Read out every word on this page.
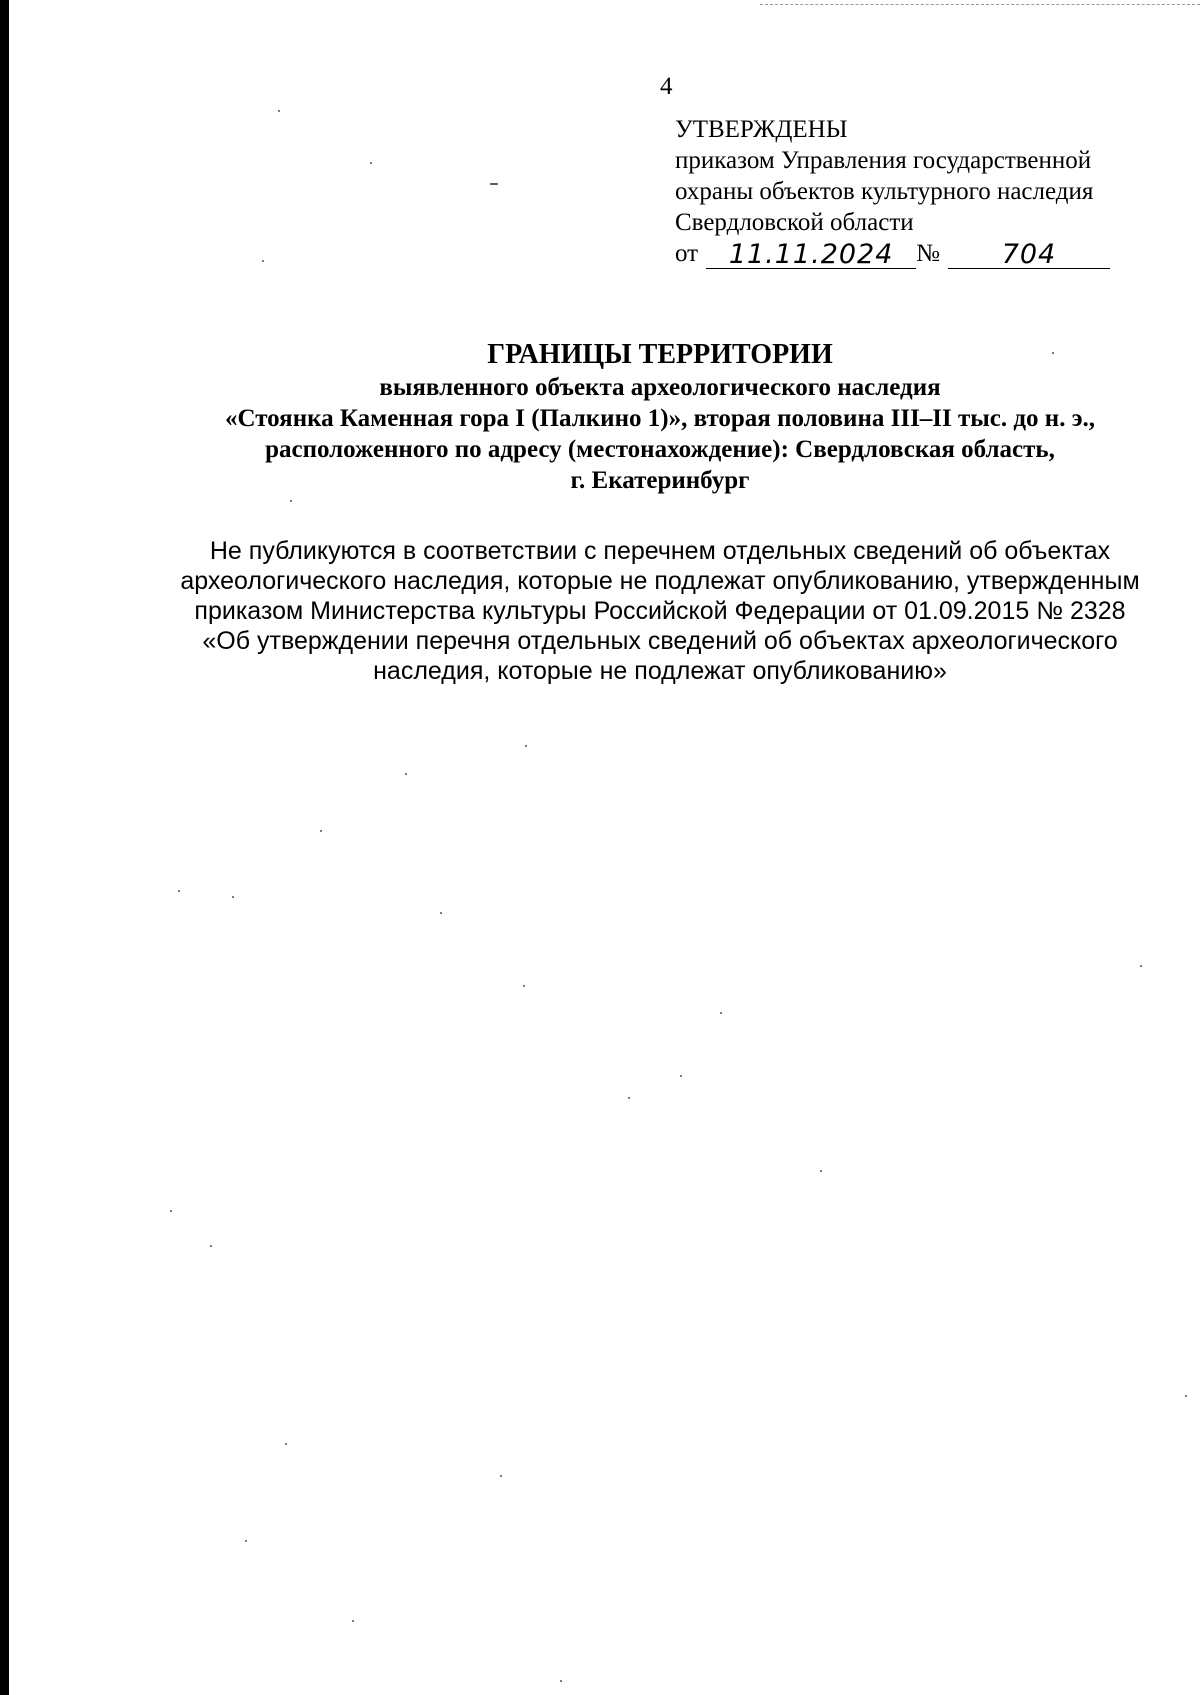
4
УТВЕРЖДЕНЫ
приказом Управления государственной
охраны объектов культурного наследия
Свердловской области
от	11.11.2024 №	704
ГРАНИЦЫ ТЕРРИТОРИИ
выявленного объекта археологического наследия
«Стоянка Каменная гора I (Палкино 1)», вторая половина III–II тыс. до н. э.,
расположенного по адресу (местонахождение): Свердловская область,
г. Екатеринбург
Не публикуются в соответствии с перечнем отдельных сведений об объектах
археологического наследия, которые не подлежат опубликованию, утвержденным
приказом Министерства культуры Российской Федерации от 01.09.2015 № 2328
«Об утверждении перечня отдельных сведений об объектах археологического
наследия, которые не подлежат опубликованию»
